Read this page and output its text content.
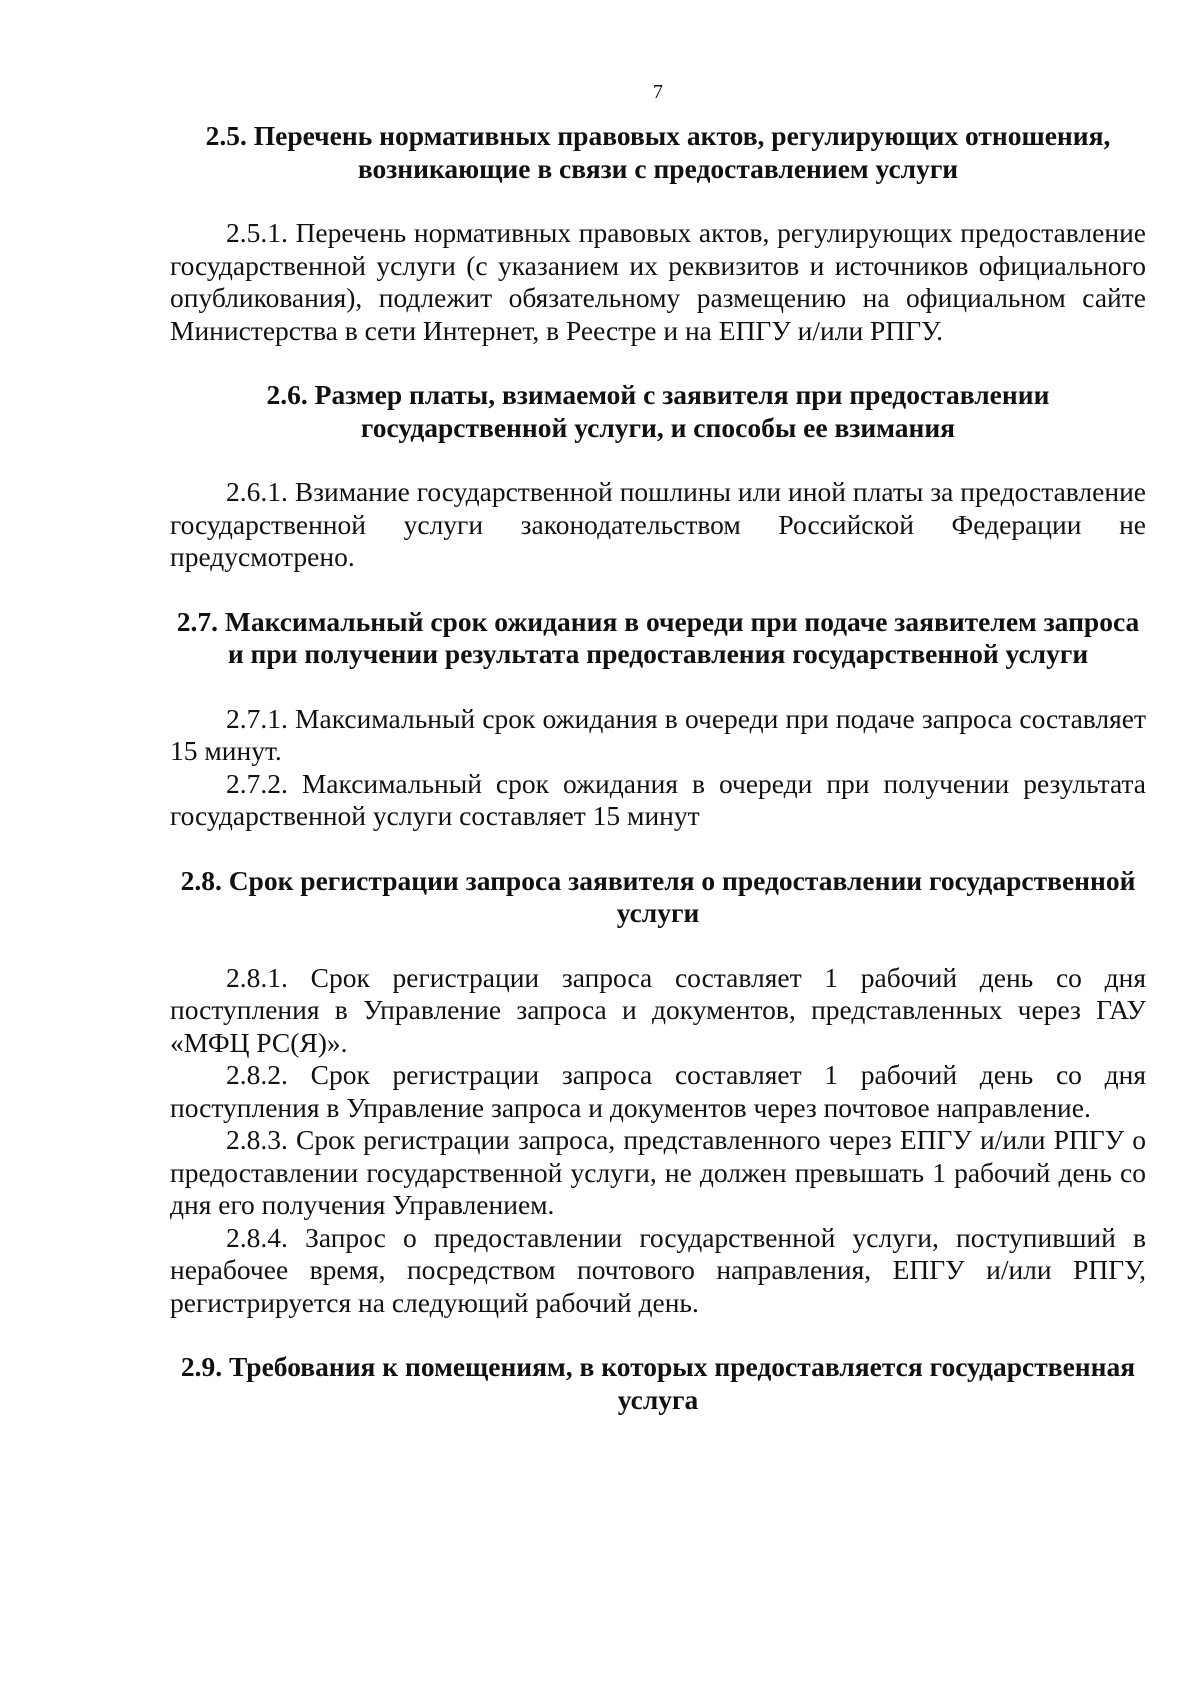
7
2.5. Перечень нормативных правовых актов, регулирующих отношения, возникающие в связи с предоставлением услуги

2.5.1. Перечень нормативных правовых актов, регулирующих предоставление государственной услуги (с указанием их реквизитов и источников официального опубликования), подлежит обязательному размещению на официальном сайте Министерства в сети Интернет, в Реестре и на ЕПГУ и/или РПГУ.

2.6. Размер платы, взимаемой с заявителя при предоставлении государственной услуги, и способы ее взимания

2.6.1. Взимание государственной пошлины или иной платы за предоставление государственной услуги законодательством Российской Федерации не предусмотрено.

2.7. Максимальный срок ожидания в очереди при подаче заявителем запроса и при получении результата предоставления государственной услуги

2.7.1. Максимальный срок ожидания в очереди при подаче запроса составляет 15 минут.

2.7.2. Максимальный срок ожидания в очереди при получении результата государственной услуги составляет 15 минут

2.8. Срок регистрации запроса заявителя о предоставлении государственной услуги

2.8.1. Срок регистрации запроса составляет 1 рабочий день со дня поступления в Управление запроса и документов, представленных через ГАУ «МФЦ РС(Я)».

2.8.2. Срок регистрации запроса составляет 1 рабочий день со дня поступления в Управление запроса и документов через почтовое направление.

2.8.3. Срок регистрации запроса, представленного через ЕПГУ и/или РПГУ о предоставлении государственной услуги, не должен превышать 1 рабочий день со дня его получения Управлением.

2.8.4. Запрос о предоставлении государственной услуги, поступивший в нерабочее время, посредством почтового направления, ЕПГУ и/или РПГУ, регистрируется на следующий рабочий день.

2.9. Требования к помещениям, в которых предоставляется государственная услуга
